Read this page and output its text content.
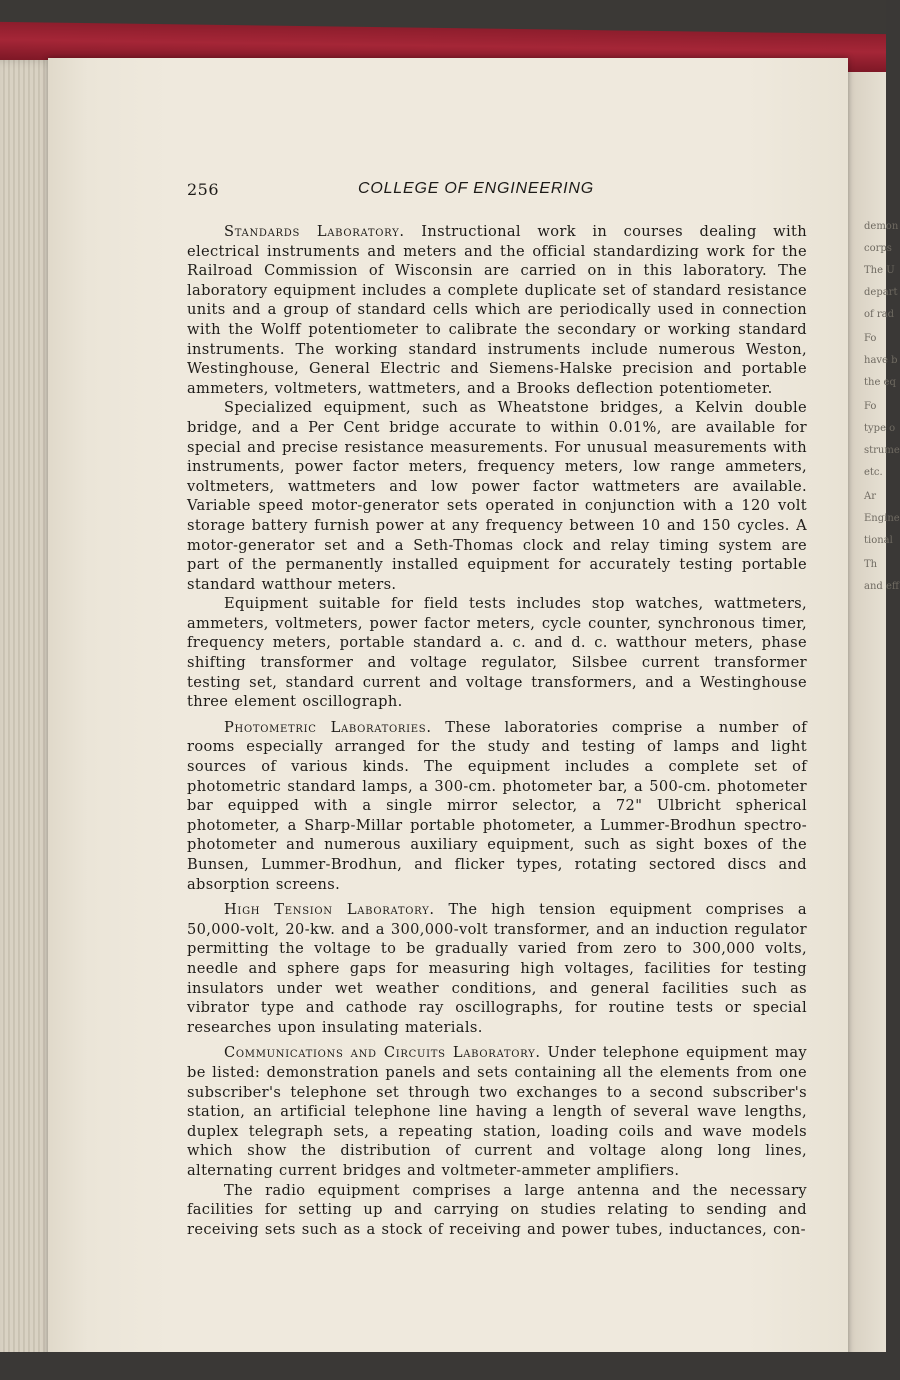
demon
corps
The U
depart
of rad
Fo
have b
the eq
Fo
type o
strume
etc.
Ar
Engine
tional
Th
and eff
256	COLLEGE OF ENGINEERING

Standards Laboratory. Instructional work in courses dealing with electrical instruments and meters and the official standardizing work for the Railroad Commission of Wisconsin are carried on in this laboratory. The laboratory equipment includes a complete duplicate set of standard resistance units and a group of standard cells which are periodically used in connection with the Wolff potentiometer to calibrate the secondary or working standard instruments. The working standard instruments include numerous Weston, Westinghouse, General Electric and Siemens-Halske precision and portable ammeters, voltmeters, wattmeters, and a Brooks deflection potentiometer.

Specialized equipment, such as Wheatstone bridges, a Kelvin double bridge, and a Per Cent bridge accurate to within 0.01%, are available for special and precise resistance measurements. For unusual measurements with instruments, power factor meters, frequency meters, low range ammeters, voltmeters, wattmeters and low power factor wattmeters are available. Variable speed motor-generator sets operated in conjunction with a 120 volt storage battery furnish power at any frequency between 10 and 150 cycles. A motor-generator set and a Seth-Thomas clock and relay timing system are part of the permanently installed equipment for accurately testing portable standard watthour meters.

Equipment suitable for field tests includes stop watches, wattmeters, ammeters, voltmeters, power factor meters, cycle counter, synchronous timer, frequency meters, portable standard a. c. and d. c. watthour meters, phase shifting transformer and voltage regulator, Silsbee current transformer testing set, standard current and voltage transformers, and a Westinghouse three element oscillograph.

Photometric Laboratories. These laboratories comprise a number of rooms especially arranged for the study and testing of lamps and light sources of various kinds. The equipment includes a complete set of photometric standard lamps, a 300-cm. photometer bar, a 500-cm. photometer bar equipped with a single mirror selector, a 72" Ulbricht spherical photometer, a Sharp-Millar portable photometer, a Lummer-Brodhun spectro-photometer and numerous auxiliary equipment, such as sight boxes of the Bunsen, Lummer-Brodhun, and flicker types, rotating sectored discs and absorption screens.

High Tension Laboratory. The high tension equipment comprises a 50,000-volt, 20-kw. and a 300,000-volt transformer, and an induction regulator permitting the voltage to be gradually varied from zero to 300,000 volts, needle and sphere gaps for measuring high voltages, facilities for testing insulators under wet weather conditions, and general facilities such as vibrator type and cathode ray oscillographs, for routine tests or special researches upon insulating materials.

Communications and Circuits Laboratory. Under telephone equipment may be listed: demonstration panels and sets containing all the elements from one subscriber's telephone set through two exchanges to a second subscriber's station, an artificial telephone line having a length of several wave lengths, duplex telegraph sets, a repeating station, loading coils and wave models which show the distribution of current and voltage along long lines, alternating current bridges and voltmeter-ammeter amplifiers.

The radio equipment comprises a large antenna and the necessary facilities for setting up and carrying on studies relating to sending and receiving sets such as a stock of receiving and power tubes, inductances, con-
